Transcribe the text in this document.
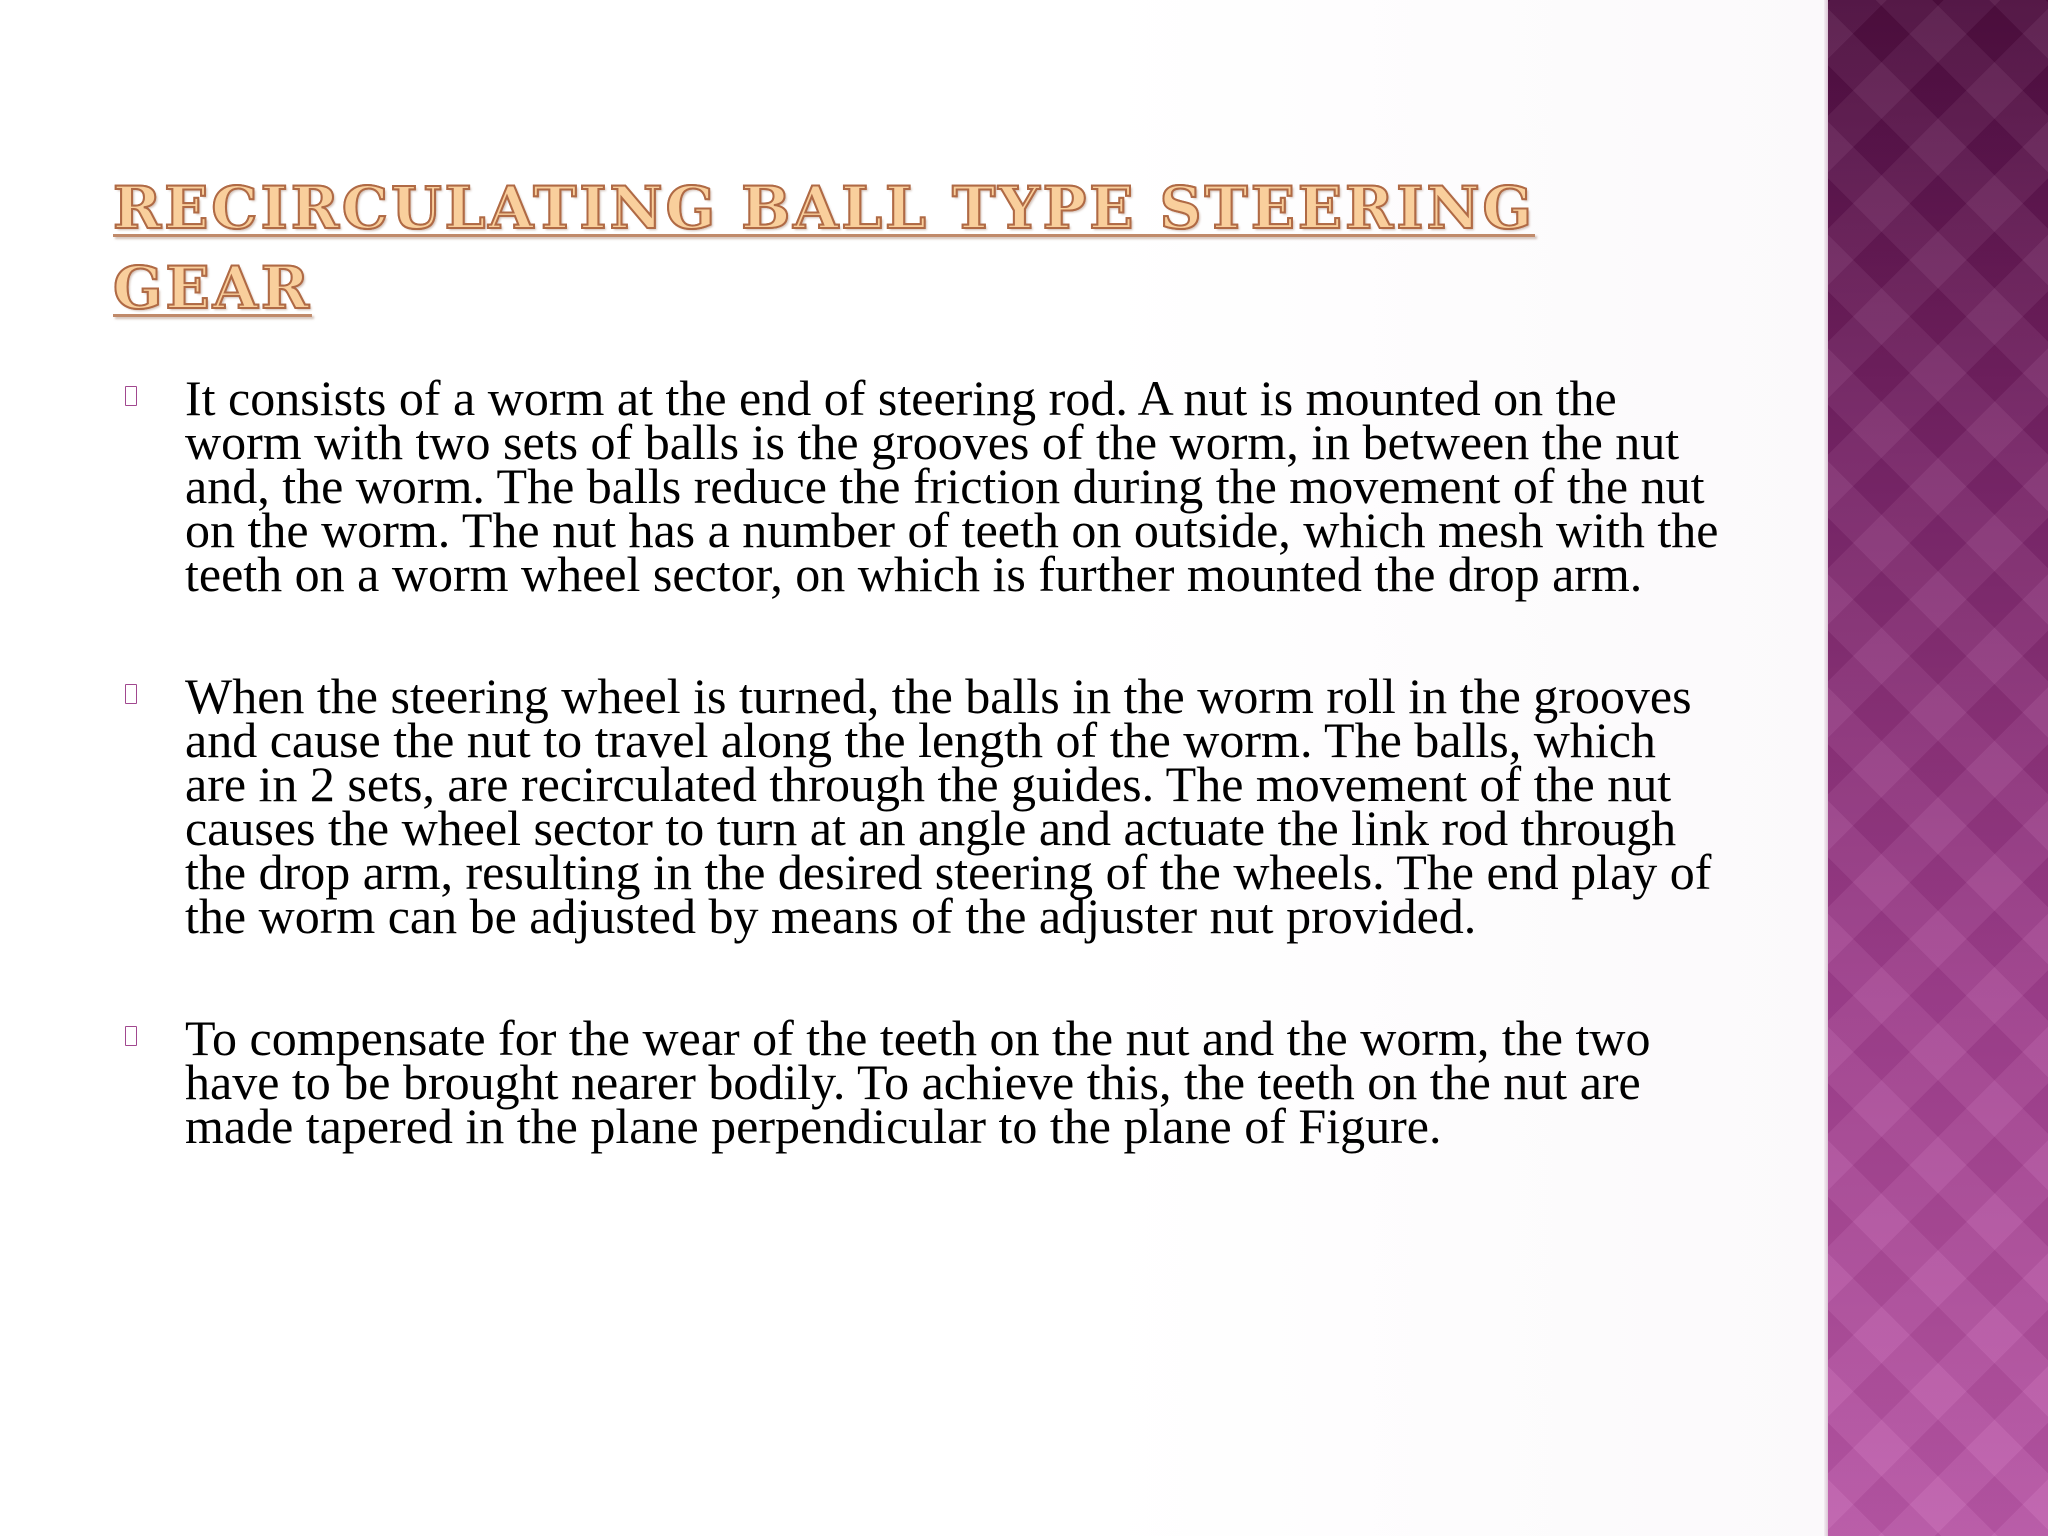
RECIRCULATING BALL TYPE STEERING GEAR
It consists of a worm at the end of steering rod. A nut is mounted on the worm with two sets of balls is the grooves of the worm, in between the nut and, the worm. The balls reduce the friction during the movement of the nut on the worm. The nut has a number of teeth on outside, which mesh with the teeth on a worm wheel sector, on which is further mounted the drop arm.
When the steering wheel is turned, the balls in the worm roll in the grooves and cause the nut to travel along the length of the worm. The balls, which are in 2 sets, are recirculated through the guides. The movement of the nut causes the wheel sector to turn at an angle and actuate the link rod through the drop arm, resulting in the desired steering of the wheels. The end play of the worm can be adjusted by means of the adjuster nut provided.
To compensate for the wear of the teeth on the nut and the worm, the two have to be brought nearer bodily. To achieve this, the teeth on the nut are made tapered in the plane perpendicular to the plane of Figure.
